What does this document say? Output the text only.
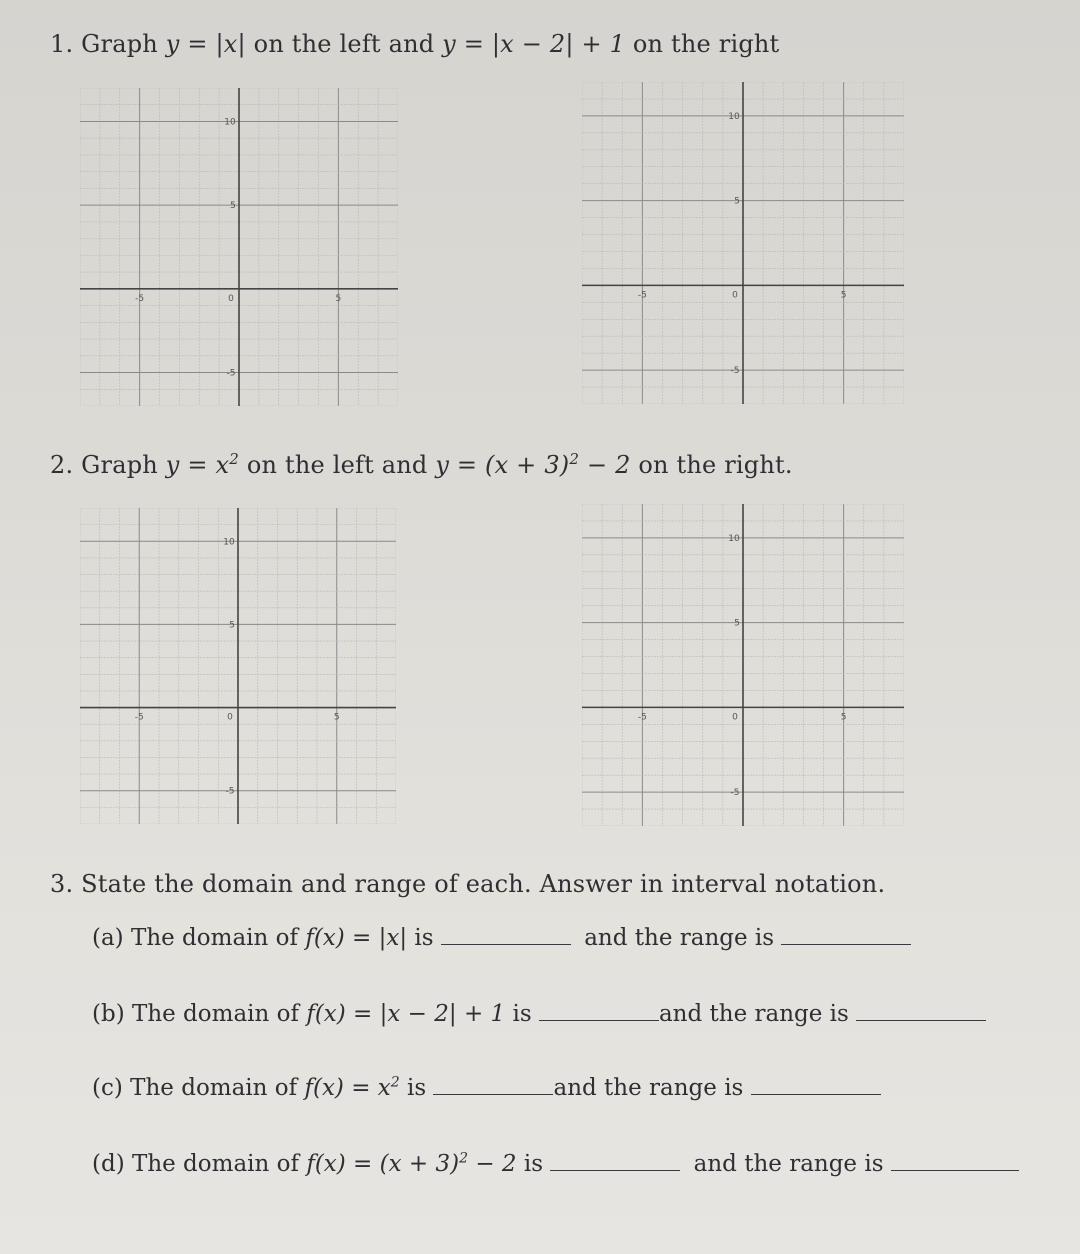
1. Graph y = |x| on the left and y = |x − 2| + 1 on the right
-5	0	5
10
5
-5
-5	0	5
10
5
-5
2. Graph $y = x^2$ on the left and $y = (x + 3)^2 - 2$ on the right.
-5	0	5
10
5
-5
-5	0	5
10
5
-5
3. State the domain and range of each. Answer in interval notation.
(a) The domain of f(x) = |x| is	and the range is
(b) The domain of f(x) = |x − 2| + 1 is	and the range is
(c) The domain of $f(x) = x^2$ is	and the range is
(d) The domain of $f(x) = (x + 3)^2 - 2$ is	and the range is
